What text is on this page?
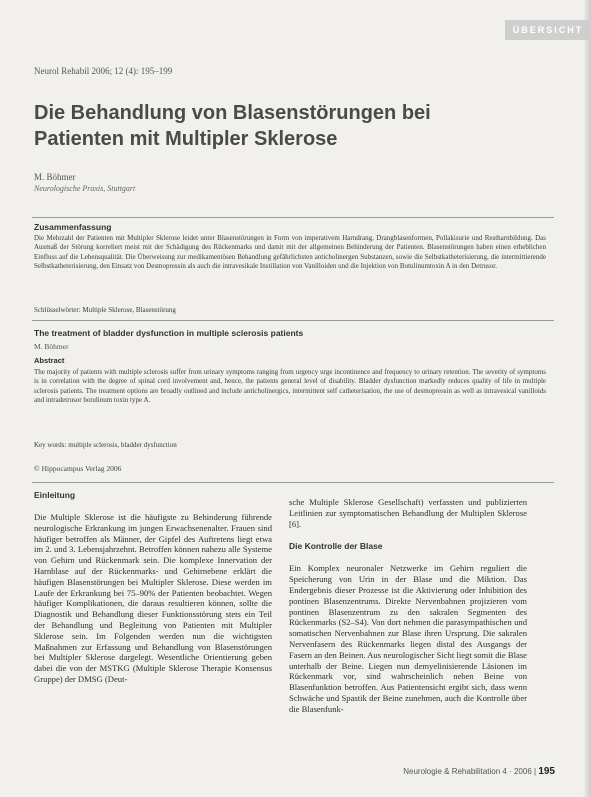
ÜBERSICHT
Neurol Rehabil 2006; 12 (4): 195–199
Die Behandlung von Blasenstörungen bei Patienten mit Multipler Sklerose
M. Böhmer
Neurologische Praxis, Stuttgart
Zusammenfassung

Die Mehrzahl der Patienten mit Multipler Sklerose leidet unter Blasenstörungen in Form von imperativem Harndrang, Drangblasenformen, Pollakisurie und Restharnbildung. Das Ausmaß der Störung korreliert meist mit der Schädigung des Rückenmarks und damit mit der allgemeinen Behinderung der Patienten. Blasenstörungen haben einen erheblichen Einfluss auf die Lebensqualität. Die Überweisung zur medikamentösen Behandlung gefährlichsten anticholinergen Substanzen, sowie die Selbstkatheterisierung, die intermittierende Selbstkatheterisierung, den Einsatz von Desmopressin als auch die intravesikale Instillation von Vanilloiden und die Injektion von Botulinumtoxin A in den Detrusor.

Schlüsselwörter: Multiple Sklerose, Blasenstörung
The treatment of bladder dysfunction in multiple sclerosis patients
M. Böhmer
Abstract

The majority of patients with multiple sclerosis suffer from urinary symptoms ranging from urgency urge incontinence and frequency to urinary retention. The severity of symptoms is in correlation with the degree of spinal cord involvement and, hence, the patients general level of disability. Bladder dysfunction markedly reduces quality of life in multiple sclerosis patients. The treatment options are broadly outlined and include anticholinergics, intermittent self catheterisation, the use of desmopressin as well as intravesical vanilloids and intradetrusor botulinum toxin type A.

Key words: multiple sclerosis, bladder dysfunction
© Hippocampus Verlag 2006
Einleitung

Die Multiple Sklerose ist die häufigste zu Behinderung führende neurologische Erkrankung im jungen Erwachsenenalter. Frauen sind häufiger betroffen als Männer, der Gipfel des Auftretens liegt etwa im 2. und 3. Lebensjahrzehnt. Betroffen können nahezu alle Systeme von Gehirn und Rückenmark sein. Die komplexe Innervation der Harnblase auf der Rückenmarks- und Gehirnebene erklärt die häufigen Blasenstörungen bei Multipler Sklerose. Diese werden im Laufe der Erkrankung bei 75–90% der Patienten beobachtet. Wegen häufiger Komplikationen, die daraus resultieren können, sollte die Diagnostik und Behandlung dieser Funktionsstörung stets ein Teil der Behandlung und Begleitung von Patienten mit Multipler Sklerose sein. Im Folgenden werden nun die wichtigsten Maßnahmen zur Erfassung und Behandlung von Blasenstörungen bei Multipler Sklerose dargelegt. Wesentliche Orientierung geben dabei die von der MSTKG (Multiple Sklerose Therapie Konsensus Gruppe) der DMSG (Deut-

sche Multiple Sklerose Gesellschaft) verfassten und publizierten Leitlinien zur symptomatischen Behandlung der Multiplen Sklerose [6].

Die Kontrolle der Blase

Ein Komplex neuronaler Netzwerke im Gehirn reguliert die Speicherung von Urin in der Blase und die Miktion. Das Endergebnis dieser Prozesse ist die Aktivierung oder Inhibition des pontinen Blasenzentrums. Direkte Nervenbahnen projizieren vom pontinen Blasenzentrum zu den sakralen Segmenten des Rückenmarks (S2–S4). Von dort nehmen die parasympathischen und somatischen Nervenbahnen zur Blase ihren Ursprung. Die sakralen Nervenfasern des Rückenmarks liegen distal des Ausgangs der Fasern an den Beinen. Aus neurologischer Sicht liegt somit die Blase unterhalb der Beine. Liegen nun demyelinisierende Läsionen im Rückenmark vor, sind wahrscheinlich neben Beine von Blasenfunktion betroffen. Aus Patientensicht ergibt sich, dass wenn Schwäche und Spastik der Beine zunehmen, auch die Kontrolle über die Blasenfunk-

Neurologie & Rehabilitation 4 · 2006 | 195
